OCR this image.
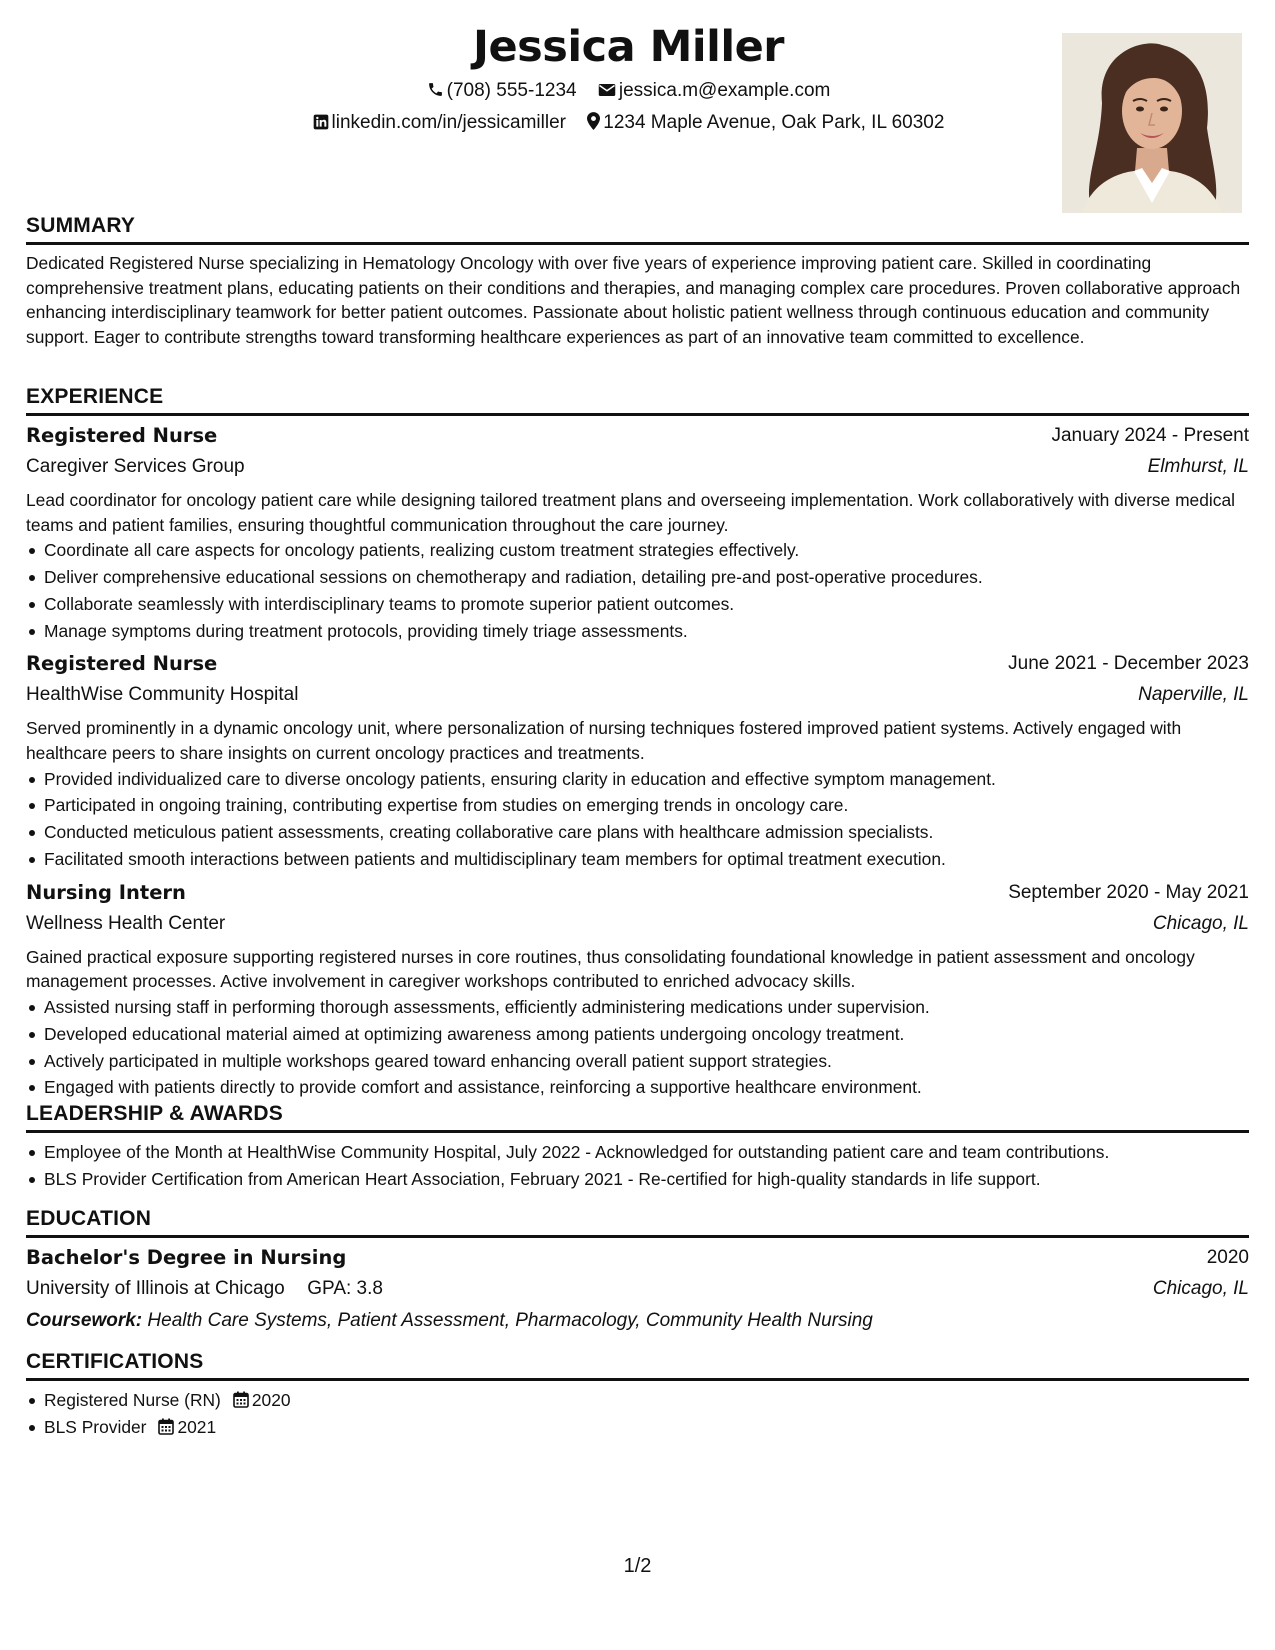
Jessica Miller
(708) 555-1234 jessica.m@example.com
linkedin.com/in/jessicamiller 1234 Maple Avenue, Oak Park, IL 60302
SUMMARY
Dedicated Registered Nurse specializing in Hematology Oncology with over five years of experience improving patient care. Skilled in coordinating comprehensive treatment plans, educating patients on their conditions and therapies, and managing complex care procedures. Proven collaborative approach enhancing interdisciplinary teamwork for better patient outcomes. Passionate about holistic patient wellness through continuous education and community support. Eager to contribute strengths toward transforming healthcare experiences as part of an innovative team committed to excellence.
EXPERIENCE
Registered Nurse	January 2024 - Present
Caregiver Services Group	Elmhurst, IL
Lead coordinator for oncology patient care while designing tailored treatment plans and overseeing implementation. Work collaboratively with diverse medical teams and patient families, ensuring thoughtful communication throughout the care journey.
Coordinate all care aspects for oncology patients, realizing custom treatment strategies effectively.
Deliver comprehensive educational sessions on chemotherapy and radiation, detailing pre-and post-operative procedures.
Collaborate seamlessly with interdisciplinary teams to promote superior patient outcomes.
Manage symptoms during treatment protocols, providing timely triage assessments.
Registered Nurse	June 2021 - December 2023
HealthWise Community Hospital	Naperville, IL
Served prominently in a dynamic oncology unit, where personalization of nursing techniques fostered improved patient systems. Actively engaged with healthcare peers to share insights on current oncology practices and treatments.
Provided individualized care to diverse oncology patients, ensuring clarity in education and effective symptom management.
Participated in ongoing training, contributing expertise from studies on emerging trends in oncology care.
Conducted meticulous patient assessments, creating collaborative care plans with healthcare admission specialists.
Facilitated smooth interactions between patients and multidisciplinary team members for optimal treatment execution.
Nursing Intern	September 2020 - May 2021
Wellness Health Center	Chicago, IL
Gained practical exposure supporting registered nurses in core routines, thus consolidating foundational knowledge in patient assessment and oncology management processes. Active involvement in caregiver workshops contributed to enriched advocacy skills.
Assisted nursing staff in performing thorough assessments, efficiently administering medications under supervision.
Developed educational material aimed at optimizing awareness among patients undergoing oncology treatment.
Actively participated in multiple workshops geared toward enhancing overall patient support strategies.
Engaged with patients directly to provide comfort and assistance, reinforcing a supportive healthcare environment.
LEADERSHIP & AWARDS
Employee of the Month at HealthWise Community Hospital, July 2022 - Acknowledged for outstanding patient care and team contributions.
BLS Provider Certification from American Heart Association, February 2021 - Re-certified for high-quality standards in life support.
EDUCATION
Bachelor's Degree in Nursing	2020
University of Illinois at Chicago GPA: 3.8	Chicago, IL
Coursework: Health Care Systems, Patient Assessment, Pharmacology, Community Health Nursing
CERTIFICATIONS
Registered Nurse (RN) 2020
BLS Provider 2021
1/2
